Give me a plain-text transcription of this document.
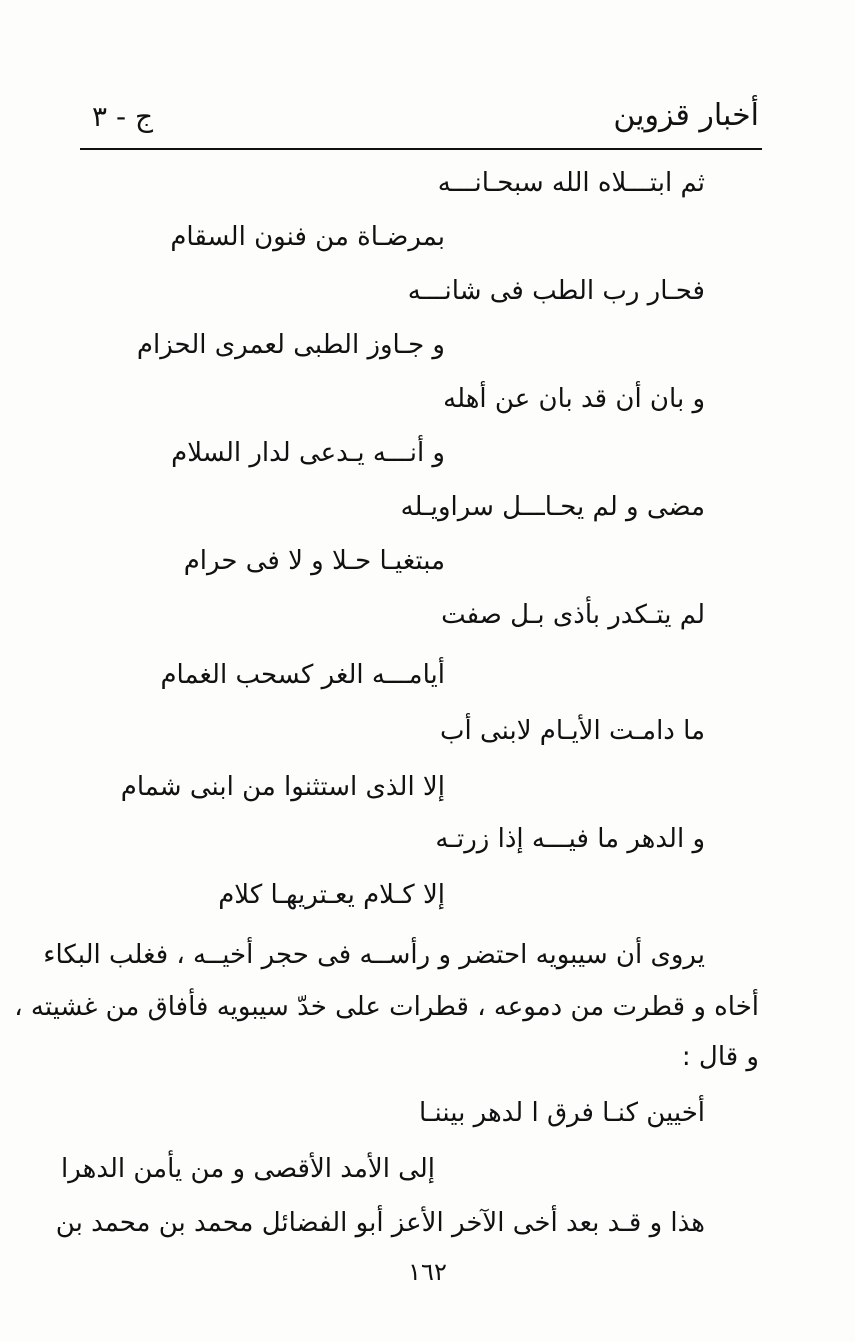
أخبار قزوين
ج - ٣
ثم ابتـــلاه الله سبحـانـــه
بمرضـاة من فنون السقام
فحـار رب الطب فى شانـــه
و جـاوز الطبى لعمرى الحزام
و بان أن قد بان عن أهله
و أنـــه يـدعى لدار السلام
مضى و لم يحـاـــل سراويـله
مبتغيـا حـلا و لا فى حرام
لم يتـكدر بأذى بـل صفت
أيامـــه الغر كسحب الغمام
ما دامـت الأيـام لابنى أب
إلا الذى استثنوا من ابنى شمام
و الدهر ما فيـــه إذا زرتـه
إلا كـلام يعـتريهـا كلام
يروى أن سيبويه احتضر و رأســه فى حجر أخيــه ، فغلب البكاء
أخاه و قطرت من دموعه ، قطرات على خدّ سيبويه فأفاق من غشيته ،
و قال :
أخيين كنـا فرق ا لدهر بيننـا
إلى الأمد الأقصى و من يأمن الدهرا
هذا و قـد بعد أخى الآخر الأعز أبو الفضائل محمد بن محمد بن
١٦٢
